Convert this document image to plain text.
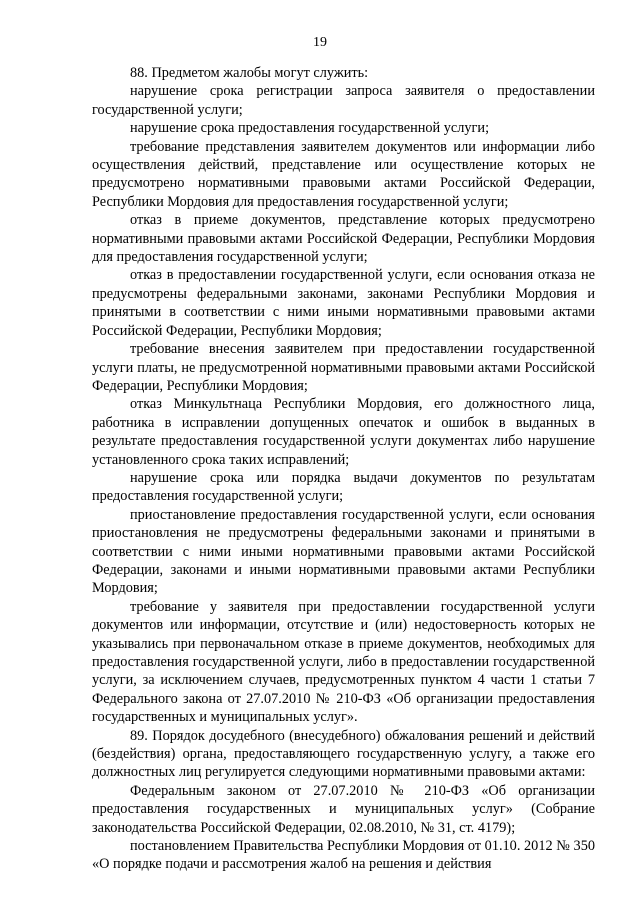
19

88. Предметом жалобы могут служить:

нарушение срока регистрации запроса заявителя о предоставлении государственной услуги;

нарушение срока предоставления государственной услуги;

требование представления заявителем документов или информации либо осуществления действий, представление или осуществление которых не предусмотрено нормативными правовыми актами Российской Федерации, Республики Мордовия для предоставления государственной услуги;

отказ в приеме документов, представление которых предусмотрено нормативными правовыми актами Российской Федерации, Республики Мордовия для предоставления государственной услуги;

отказ в предоставлении государственной услуги, если основания отказа не предусмотрены федеральными законами, законами Республики Мордовия и принятыми в соответствии с ними иными нормативными правовыми актами Российской Федерации, Республики Мордовия;

требование внесения заявителем при предоставлении государственной услуги платы, не предусмотренной нормативными правовыми актами Российской Федерации, Республики Мордовия;

отказ Минкультнаца Республики Мордовия, его должностного лица, работника в исправлении допущенных опечаток и ошибок в выданных в результате предоставления государственной услуги документах либо нарушение установленного срока таких исправлений;

нарушение срока или порядка выдачи документов по результатам предоставления государственной услуги;

приостановление предоставления государственной услуги, если основания приостановления не предусмотрены федеральными законами и принятыми в соответствии с ними иными нормативными правовыми актами Российской Федерации, законами и иными нормативными правовыми актами Республики Мордовия;

требование у заявителя при предоставлении государственной услуги документов или информации, отсутствие и (или) недостоверность которых не указывались при первоначальном отказе в приеме документов, необходимых для предоставления государственной услуги, либо в предоставлении государственной услуги, за исключением случаев, предусмотренных пунктом 4 части 1 статьи 7 Федерального закона от 27.07.2010 № 210-ФЗ «Об организации предоставления государственных и муниципальных услуг».

89. Порядок досудебного (внесудебного) обжалования решений и действий (бездействия) органа, предоставляющего государственную услугу, а также его должностных лиц регулируется следующими нормативными правовыми актами:

Федеральным законом от 27.07.2010 № 210-ФЗ «Об организации предоставления государственных и муниципальных услуг» (Собрание законодательства Российской Федерации, 02.08.2010, № 31, ст. 4179);

постановлением Правительства Республики Мордовия от 01.10. 2012 № 350 «О порядке подачи и рассмотрения жалоб на решения и действия
